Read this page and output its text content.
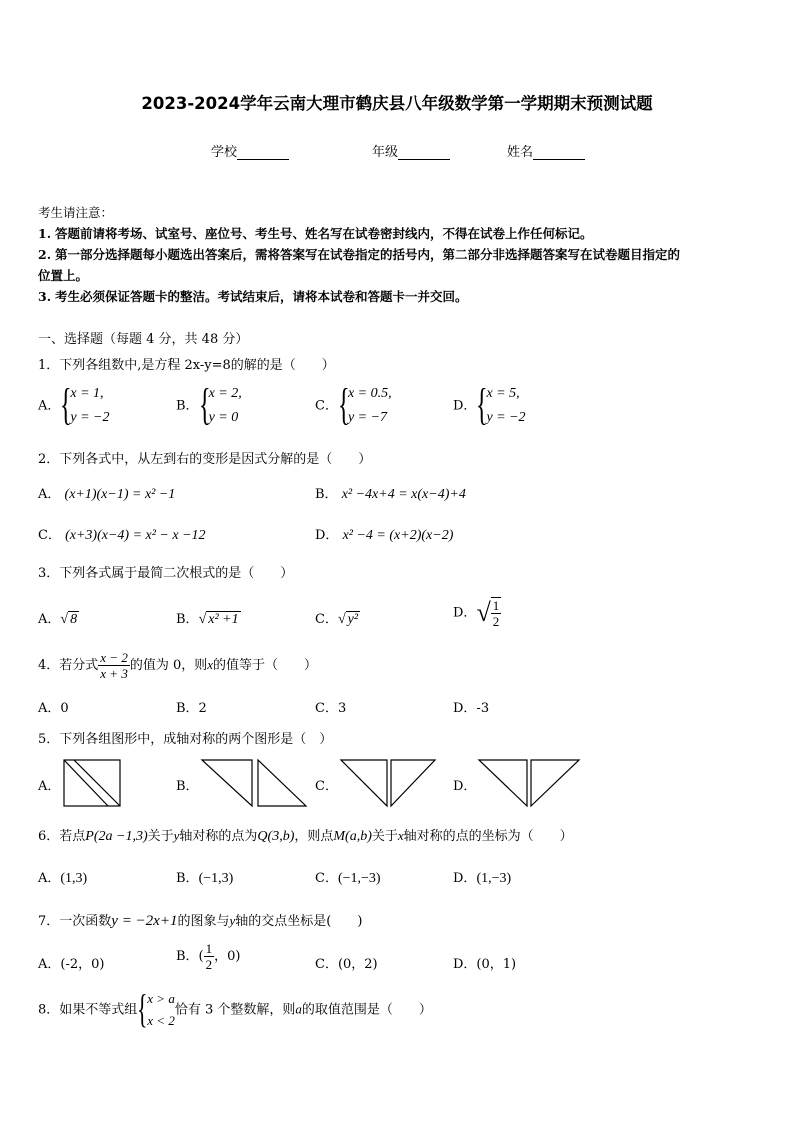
2023-2024学年云南大理市鹤庆县八年级数学第一学期期末预测试题
学校	年级	姓名
考生请注意：
1. 答题前请将考场、试室号、座位号、考生号、姓名写在试卷密封线内，不得在试卷上作任何标记。
2. 第一部分选择题每小题选出答案后，需将答案写在试卷指定的括号内，第二部分非选择题答案写在试卷题目指定的
位置上。
3. 考生必须保证答题卡的整洁。考试结束后，请将本试卷和答题卡一并交回。
一、选择题（每题 4 分，共 48 分）
1．下列各组数中,是方程 2x-y=8的解的是（　　）
A． {
x = 1,
y = −2
B． {
x = 2,
y = 0
C． {
x = 0.5,
y = −7
D． {
x = 5,
y = −2
2．下列各式中，从左到右的变形是因式分解的是（　　）
A． (x+1)(x−1) = x² −1	B． x² −4x+4 = x(x−4)+4
C． (x+3)(x−4) = x² − x −12	D． x² −4 = (x+2)(x−2)
3．下列各式属于最简二次根式的是（　　）
A．√ 8	B．√ x² +1	C．√ y²	D．√ $\frac{1}{2}$
4．若分式 $\frac{x - 2}{x + 3}$ 的值为 0，则x的值等于（　　）
A．0	B．2	C．3	D．-3
5．下列各组图形中，成轴对称的两个图形是（　）
A．	B．	C．	D．
6．若点P(2a −1,3)关于y轴对称的点为Q(3,b)，则点M(a,b)关于x轴对称的点的坐标为（　　）
A．(1,3)	B．(−1,3)	C．(−1,−3)	D．(1,−3)
7．一次函数y = −2x+1的图象与y轴的交点坐标是(　　)
A．(-2，0)
B．( $\frac{1}{2}$ ，0)
C．(0，2)	D．(0，1)
8．如果不等式组 { x > a
x < 2
恰有 3 个整数解，则a的取值范围是（　　）
